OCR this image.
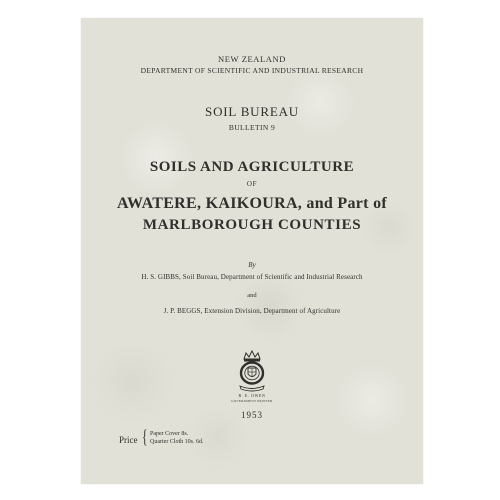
NEW ZEALAND
DEPARTMENT OF SCIENTIFIC AND INDUSTRIAL RESEARCH
SOIL BUREAU
BULLETIN 9
SOILS AND AGRICULTURE
OF
AWATERE, KAIKOURA, and Part of
MARLBOROUGH COUNTIES
By
H. S. GIBBS, Soil Bureau, Department of Scientific and Industrial Research
and
J. P. BEGGS, Extension Division, Department of Agriculture
R. E. OWEN
GOVERNMENT PRINTER
1953
Price { Paper Cover 8s.
Quarter Cloth 10s. 6d.
